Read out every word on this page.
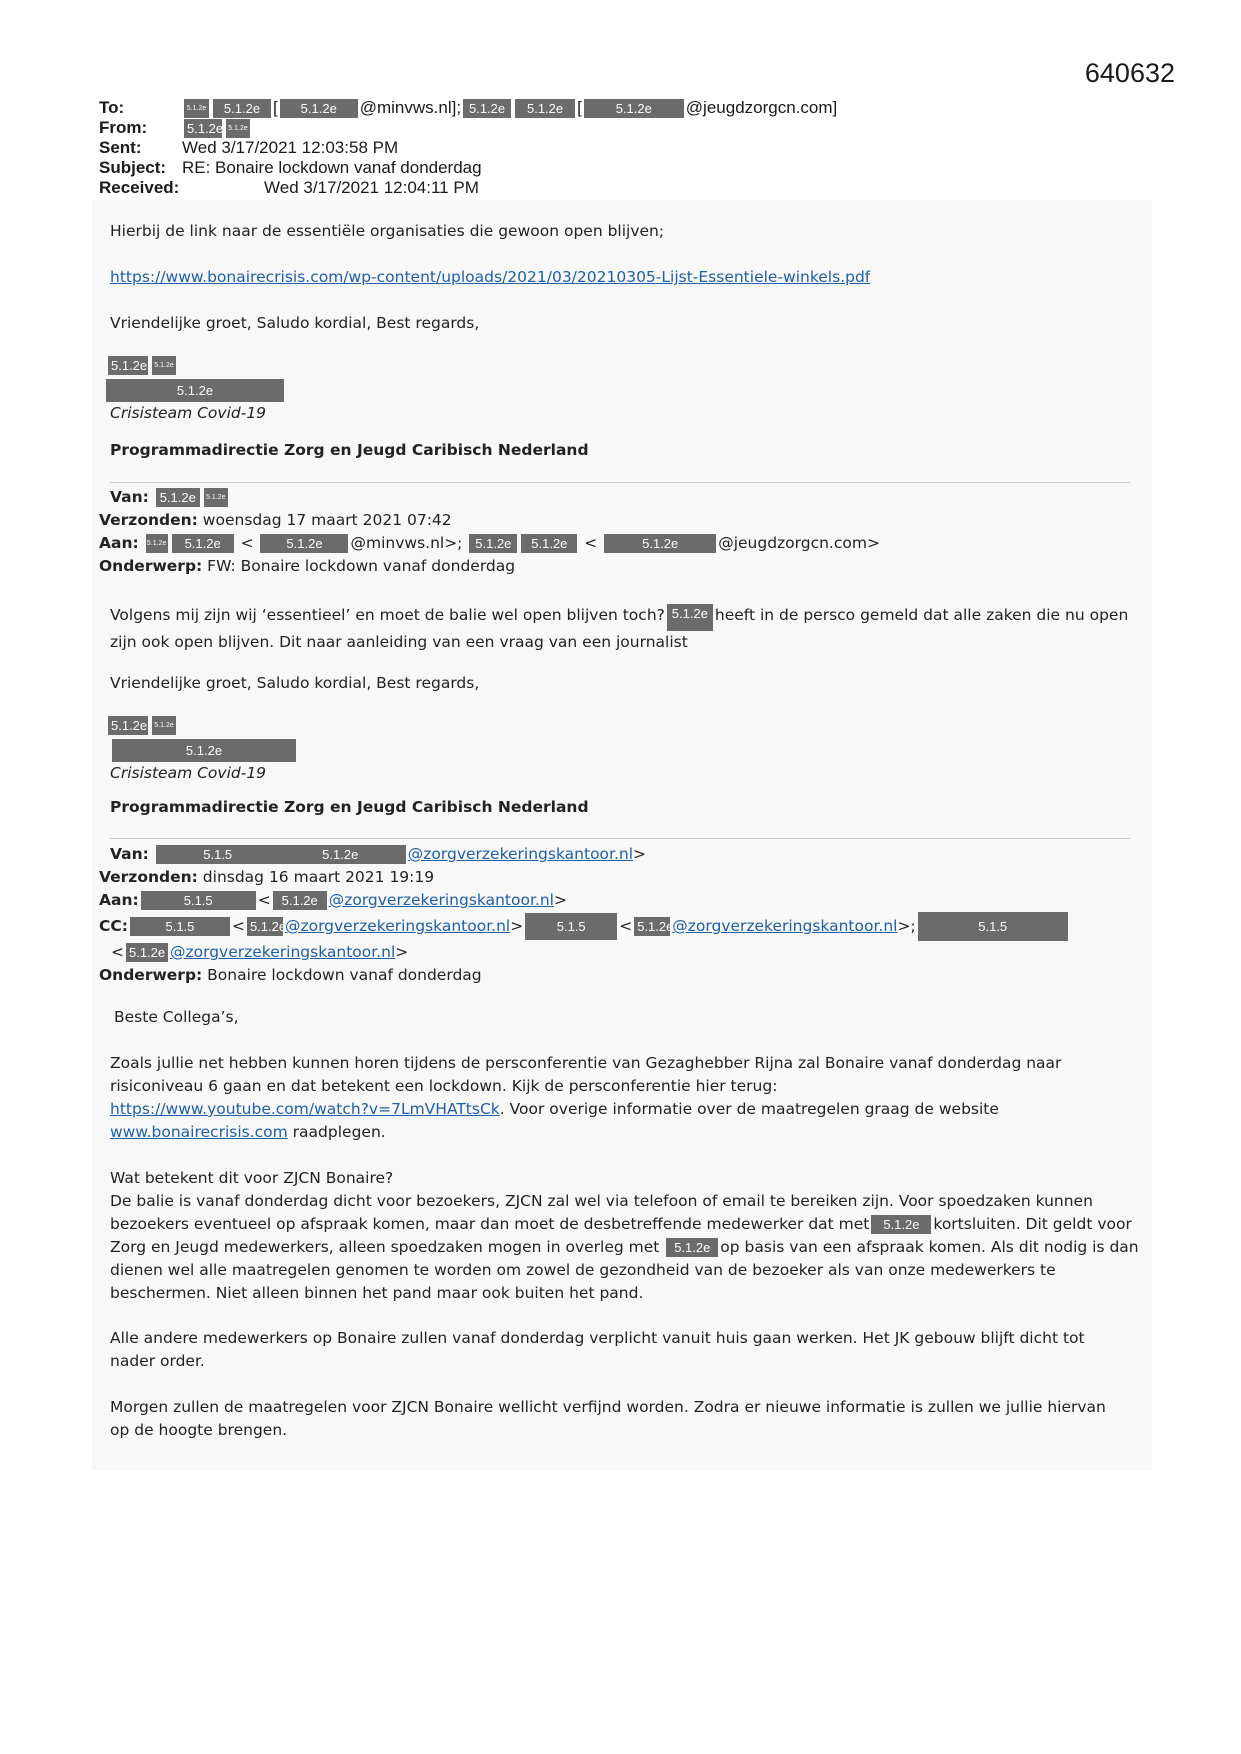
640632
To:	5.1.2e	5.1.2e [	5.1.2e	@minvws.nl]; 5.1.2e	5.1.2e [	5.1.2e	@jeugdzorgcn.com]
From:	5.1.2e 5.1.2e
Sent:	Wed 3/17/2021 12:03:58 PM
Subject: RE: Bonaire lockdown vanaf donderdag
Received:	Wed 3/17/2021 12:04:11 PM
Hierbij de link naar de essentiële organisaties die gewoon open blijven;
https://www.bonairecrisis.com/wp-content/uploads/2021/03/20210305-Lijst-Essentiele-winkels.pdf
Vriendelijke groet, Saludo kordial, Best regards,
5.1.2e 5.1.2e
5.1.2e
Crisisteam Covid-19
Programmadirectie Zorg en Jeugd Caribisch Nederland
Van: 5.1.2e 5.1.2e
Verzonden: woensdag 17 maart 2021 07:42
Aan: 5.1.2e 5.1.2e < 5.1.2e @minvws.nl>; 5.1.2e 5.1.2e <	5.1.2e	@jeugdzorgcn.com>
Onderwerp: FW: Bonaire lockdown vanaf donderdag

Volgens mij zijn wij ‘essentieel’ en moet de balie wel open blijven toch? 5.1.2e heeft in de persco gemeld dat alle zaken die nu open

zijn ook open blijven. Dit naar aanleiding van een vraag van een journalist

Vriendelijke groet, Saludo kordial, Best regards,
5.1.2e 5.1.2e
5.1.2e
Crisisteam Covid-19
Programmadirectie Zorg en Jeugd Caribisch Nederland
Van:	5.1.5	5.1.2e	@zorgverzekeringskantoor.nl>
Verzonden: dinsdag 16 maart 2021 19:19
Aan:	5.1.5	< 5.1.2e @zorgverzekeringskantoor.nl>
CC:	5.1.5 < 5.1.2e@zorgverzekeringskantoor.nl>	5.1.5 < 5.1.2e@zorgverzekeringskantoor.nl>;	5.1.5
< 5.1.2e @zorgverzekeringskantoor.nl>
Onderwerp: Bonaire lockdown vanaf donderdag
Beste Collega’s,

Zoals jullie net hebben kunnen horen tijdens de persconferentie van Gezaghebber Rijna zal Bonaire vanaf donderdag naar

risiconiveau 6 gaan en dat betekent een lockdown. Kijk de persconferentie hier terug:

https://www.youtube.com/watch?v=7LmVHATtsCk. Voor overige informatie over de maatregelen graag de website

www.bonairecrisis.com raadplegen.

Wat betekent dit voor ZJCN Bonaire?

De balie is vanaf donderdag dicht voor bezoekers, ZJCN zal wel via telefoon of email te bereiken zijn. Voor spoedzaken kunnen

bezoekers eventueel op afspraak komen, maar dan moet de desbetreffende medewerker dat met 5.1.2e kortsluiten. Dit geldt voor

Zorg en Jeugd medewerkers, alleen spoedzaken mogen in overleg met 5.1.2e op basis van een afspraak komen. Als dit nodig is dan

dienen wel alle maatregelen genomen te worden om zowel de gezondheid van de bezoeker als van onze medewerkers te

beschermen. Niet alleen binnen het pand maar ook buiten het pand.

Alle andere medewerkers op Bonaire zullen vanaf donderdag verplicht vanuit huis gaan werken. Het JK gebouw blijft dicht tot

nader order.

Morgen zullen de maatregelen voor ZJCN Bonaire wellicht verfijnd worden. Zodra er nieuwe informatie is zullen we jullie hiervan

op de hoogte brengen.
